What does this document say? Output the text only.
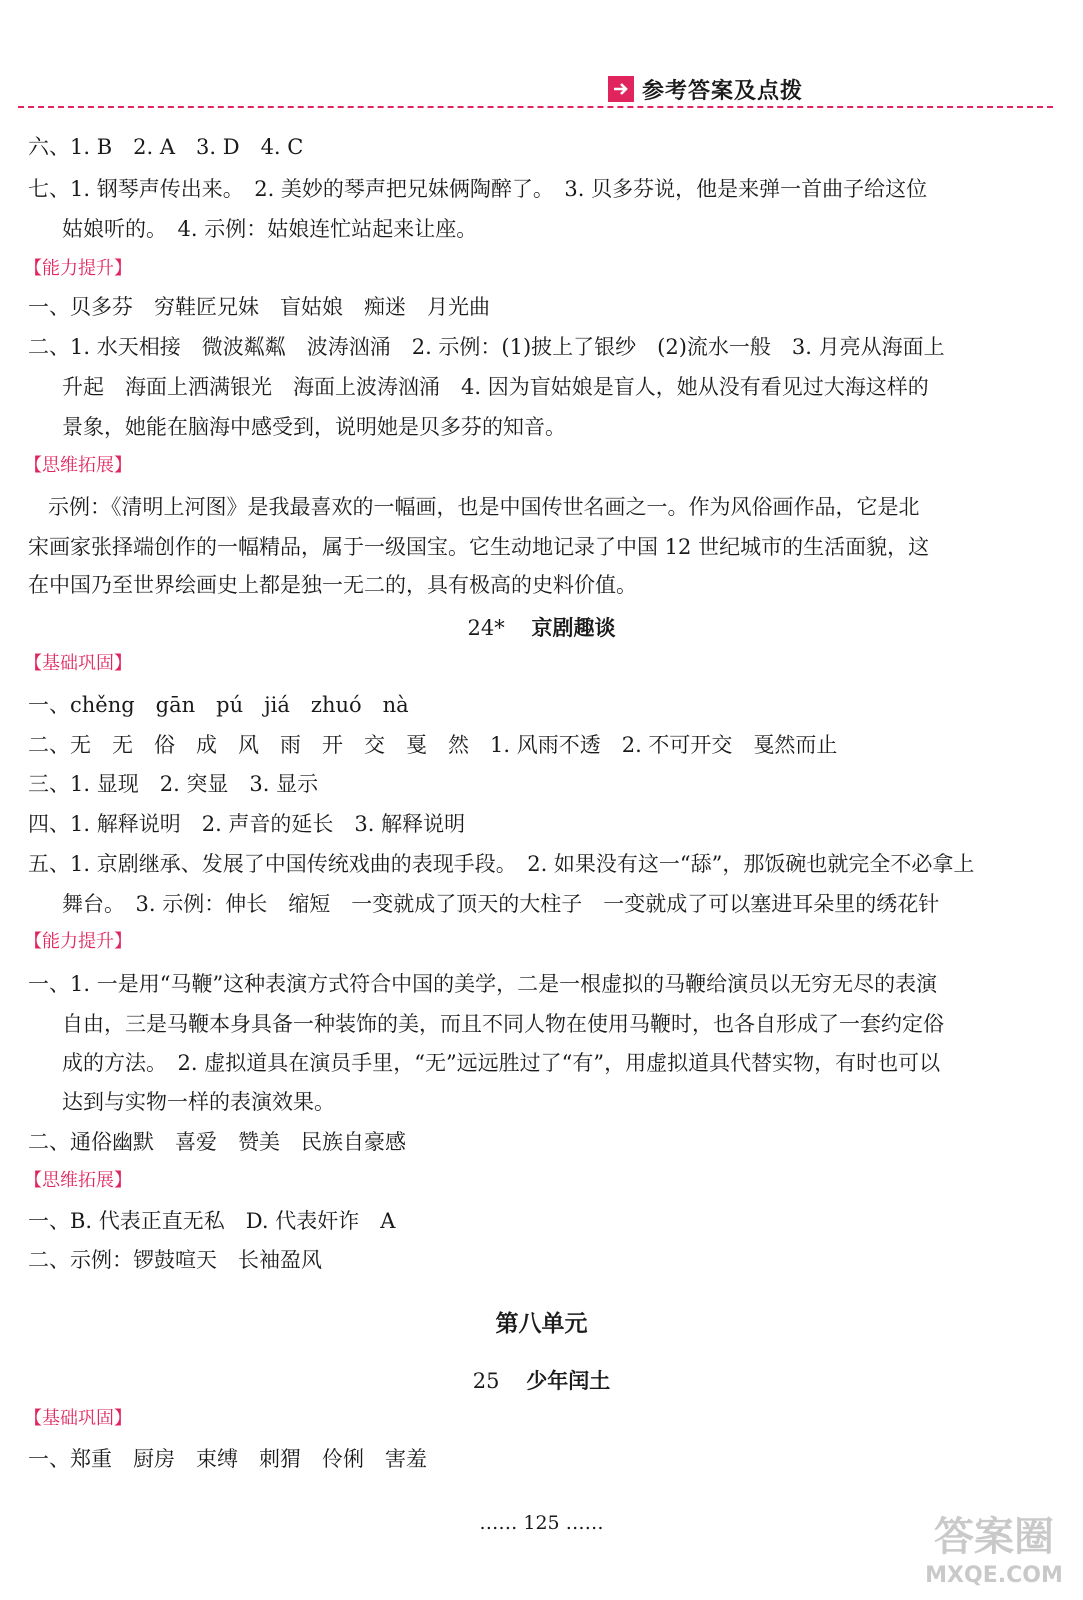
参考答案及点拨
六、1. B　2. A　3. D　4. C
七、1. 钢琴声传出来。　2. 美妙的琴声把兄妹俩陶醉了。　3. 贝多芬说，他是来弹一首曲子给这位
姑娘听的。　4. 示例：姑娘连忙站起来让座。
【能力提升】
一、贝多芬　穷鞋匠兄妹　盲姑娘　痴迷　月光曲
二、1. 水天相接　微波粼粼　波涛汹涌　2. 示例：(1)披上了银纱　(2)流水一般　3. 月亮从海面上
升起　海面上洒满银光　海面上波涛汹涌　4. 因为盲姑娘是盲人，她从没有看见过大海这样的
景象，她能在脑海中感受到，说明她是贝多芬的知音。
【思维拓展】
示例：《清明上河图》是我最喜欢的一幅画，也是中国传世名画之一。作为风俗画作品，它是北
宋画家张择端创作的一幅精品，属于一级国宝。它生动地记录了中国 12 世纪城市的生活面貌，这
在中国乃至世界绘画史上都是独一无二的，具有极高的史料价值。
24* 京剧趣谈
【基础巩固】
一、chěng　gān　pú　jiá　zhuó　nà
二、无　无　俗　成　风　雨　开　交　戛　然　1. 风雨不透　2. 不可开交　戛然而止
三、1. 显现　2. 突显　3. 显示
四、1. 解释说明　2. 声音的延长　3. 解释说明
五、1. 京剧继承、发展了中国传统戏曲的表现手段。　2. 如果没有这一“舔”，那饭碗也就完全不必拿上
舞台。　3. 示例：伸长　缩短　一变就成了顶天的大柱子　一变就成了可以塞进耳朵里的绣花针
【能力提升】
一、1. 一是用“马鞭”这种表演方式符合中国的美学，二是一根虚拟的马鞭给演员以无穷无尽的表演
自由，三是马鞭本身具备一种装饰的美，而且不同人物在使用马鞭时，也各自形成了一套约定俗
成的方法。　2. 虚拟道具在演员手里，“无”远远胜过了“有”，用虚拟道具代替实物，有时也可以
达到与实物一样的表演效果。
二、通俗幽默　喜爱　赞美　民族自豪感
【思维拓展】
一、B. 代表正直无私　D. 代表奸诈　A
二、示例：锣鼓喧天　长袖盈风
第八单元
25 少年闰土
【基础巩固】
一、郑重　厨房　束缚　刺猬　伶俐　害羞
…… 125 ……	答案圈
MXQE.COM
